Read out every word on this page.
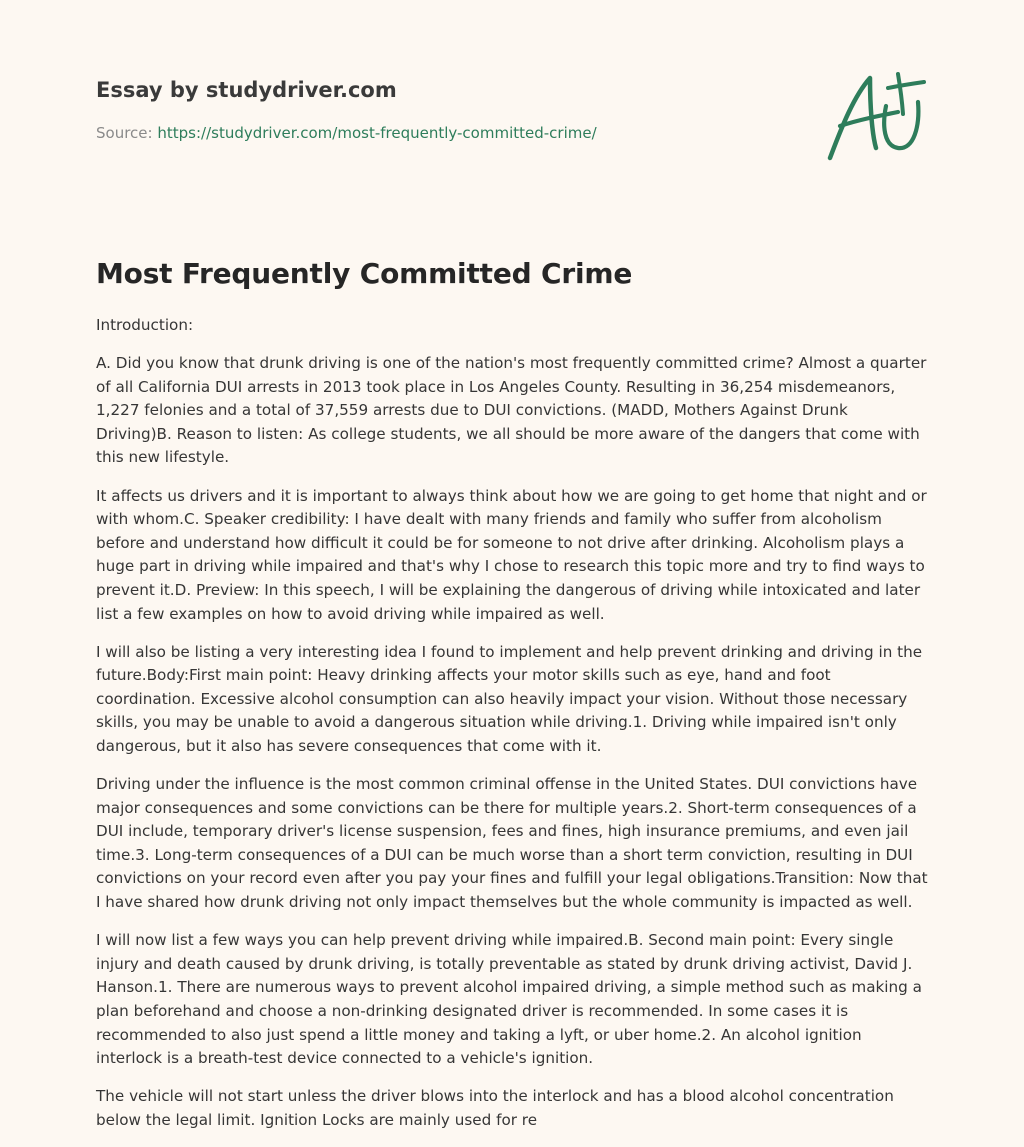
Essay by studydriver.com

Source: https://studydriver.com/most-frequently-committed-crime/
Most Frequently Committed Crime

Introduction:

A. Did you know that drunk driving is one of the nation's most frequently committed crime? Almost a quarter of all California DUI arrests in 2013 took place in Los Angeles County. Resulting in 36,254 misdemeanors, 1,227 felonies and a total of 37,559 arrests due to DUI convictions. (MADD, Mothers Against Drunk Driving)B. Reason to listen: As college students, we all should be more aware of the dangers that come with this new lifestyle.

It affects us drivers and it is important to always think about how we are going to get home that night and or with whom.C. Speaker credibility: I have dealt with many friends and family who suffer from alcoholism before and understand how difficult it could be for someone to not drive after drinking. Alcoholism plays a huge part in driving while impaired and that's why I chose to research this topic more and try to find ways to prevent it.D. Preview: In this speech, I will be explaining the dangerous of driving while intoxicated and later list a few examples on how to avoid driving while impaired as well.

I will also be listing a very interesting idea I found to implement and help prevent drinking and driving in the future.Body:First main point: Heavy drinking affects your motor skills such as eye, hand and foot coordination. Excessive alcohol consumption can also heavily impact your vision. Without those necessary skills, you may be unable to avoid a dangerous situation while driving.1. Driving while impaired isn't only dangerous, but it also has severe consequences that come with it.

Driving under the influence is the most common criminal offense in the United States. DUI convictions have major consequences and some convictions can be there for multiple years.2. Short-term consequences of a DUI include, temporary driver's license suspension, fees and fines, high insurance premiums, and even jail time.3. Long-term consequences of a DUI can be much worse than a short term conviction, resulting in DUI convictions on your record even after you pay your fines and fulfill your legal obligations.Transition: Now that I have shared how drunk driving not only impact themselves but the whole community is impacted as well.

I will now list a few ways you can help prevent driving while impaired.B. Second main point: Every single injury and death caused by drunk driving, is totally preventable as stated by drunk driving activist, David J. Hanson.1. There are numerous ways to prevent alcohol impaired driving, a simple method such as making a plan beforehand and choose a non-drinking designated driver is recommended. In some cases it is recommended to also just spend a little money and taking a lyft, or uber home.2. An alcohol ignition interlock is a breath-test device connected to a vehicle's ignition.

The vehicle will not start unless the driver blows into the interlock and has a blood alcohol concentration below the legal limit. Ignition Locks are mainly used for re
